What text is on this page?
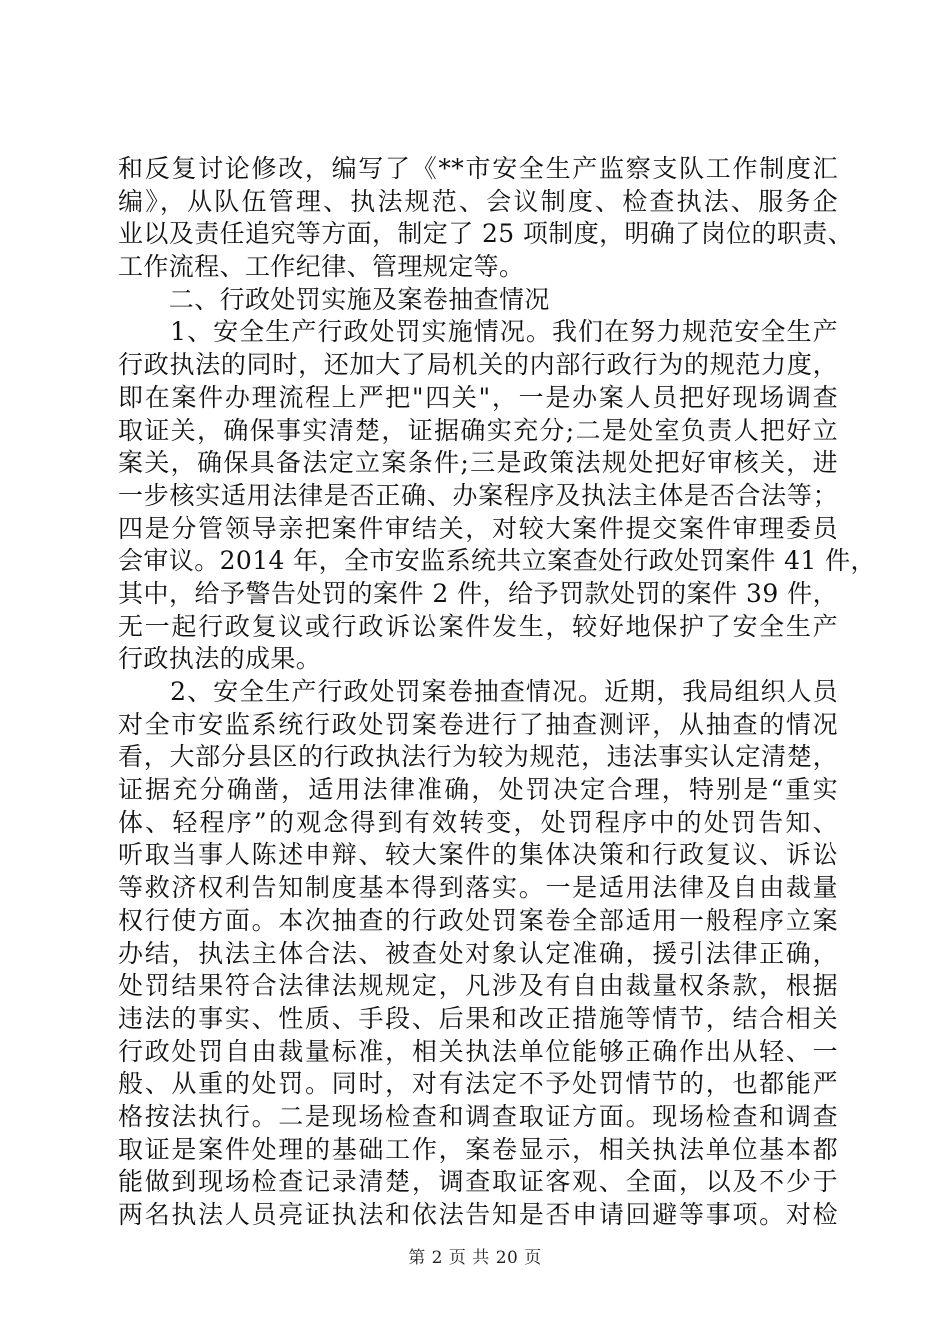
和反复讨论修改，编写了《**市安全生产监察支队工作制度汇
编》，从队伍管理、执法规范、会议制度、检查执法、服务企
业以及责任追究等方面，制定了 25 项制度，明确了岗位的职责、
工作流程、工作纪律、管理规定等。
　　二、行政处罚实施及案卷抽查情况
　　1、安全生产行政处罚实施情况。我们在努力规范安全生产
行政执法的同时，还加大了局机关的内部行政行为的规范力度，
即在案件办理流程上严把"四关"，一是办案人员把好现场调查
取证关，确保事实清楚，证据确实充分;二是处室负责人把好立
案关，确保具备法定立案条件;三是政策法规处把好审核关，进
一步核实适用法律是否正确、办案程序及执法主体是否合法等；
四是分管领导亲把案件审结关，对较大案件提交案件审理委员
会审议。2014 年，全市安监系统共立案查处行政处罚案件 41 件，
其中，给予警告处罚的案件 2 件，给予罚款处罚的案件 39 件，
无一起行政复议或行政诉讼案件发生，较好地保护了安全生产
行政执法的成果。
　　2、安全生产行政处罚案卷抽查情况。近期，我局组织人员
对全市安监系统行政处罚案卷进行了抽查测评，从抽查的情况
看，大部分县区的行政执法行为较为规范，违法事实认定清楚，
证据充分确凿，适用法律准确，处罚决定合理，特别是“重实
体、轻程序”的观念得到有效转变，处罚程序中的处罚告知、
听取当事人陈述申辩、较大案件的集体决策和行政复议、诉讼
等救济权利告知制度基本得到落实。一是适用法律及自由裁量
权行使方面。本次抽查的行政处罚案卷全部适用一般程序立案
办结，执法主体合法、被查处对象认定准确，援引法律正确，
处罚结果符合法律法规规定，凡涉及有自由裁量权条款，根据
违法的事实、性质、手段、后果和改正措施等情节，结合相关
行政处罚自由裁量标准，相关执法单位能够正确作出从轻、一
般、从重的处罚。同时，对有法定不予处罚情节的，也都能严
格按法执行。二是现场检查和调查取证方面。现场检查和调查
取证是案件处理的基础工作，案卷显示，相关执法单位基本都
能做到现场检查记录清楚，调查取证客观、全面，以及不少于
两名执法人员亮证执法和依法告知是否申请回避等事项。对检
第 2 页 共 20 页
